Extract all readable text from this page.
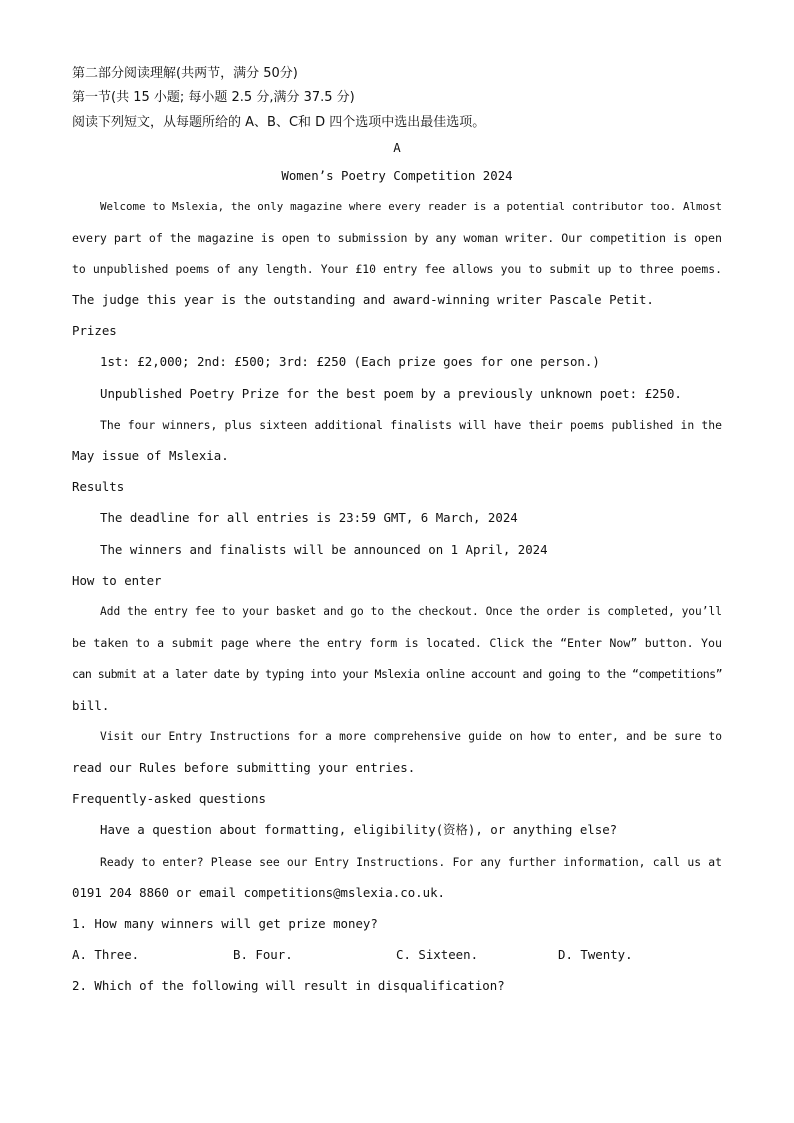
第二部分阅读理解(共两节，满分 50分)
第一节(共 15 小题; 每小题 2.5 分,满分 37.5 分)
阅读下列短文，从每题所给的 A、B、C和 D 四个选项中选出最佳选项。
A
Women’s Poetry Competition 2024
Welcome to Mslexia, the only magazine where every reader is a potential contributor too. Almost
every part of the magazine is open to submission by any woman writer. Our competition is open
to unpublished poems of any length. Your £10 entry fee allows you to submit up to three poems.
The judge this year is the outstanding and award-winning writer Pascale Petit.
Prizes
1st: £2,000; 2nd: £500; 3rd: £250 (Each prize goes for one person.)
Unpublished Poetry Prize for the best poem by a previously unknown poet: £250.
The four winners, plus sixteen additional finalists will have their poems published in the
May issue of Mslexia.
Results
The deadline for all entries is 23:59 GMT, 6 March, 2024
The winners and finalists will be announced on 1 April, 2024
How to enter
Add the entry fee to your basket and go to the checkout. Once the order is completed, you’ll
be taken to a submit page where the entry form is located. Click the “Enter Now” button. You
can submit at a later date by typing into your Mslexia online account and going to the “competitions”
bill.
Visit our Entry Instructions for a more comprehensive guide on how to enter, and be sure to
read our Rules before submitting your entries.
Frequently-asked questions
Have a question about formatting, eligibility(资格), or anything else?
Ready to enter? Please see our Entry Instructions. For any further information, call us at
0191 204 8860 or email competitions@mslexia.co.uk.
1. How many winners will get prize money?
A. Three.	B. Four.	C. Sixteen.	D. Twenty.
2. Which of the following will result in disqualification?
